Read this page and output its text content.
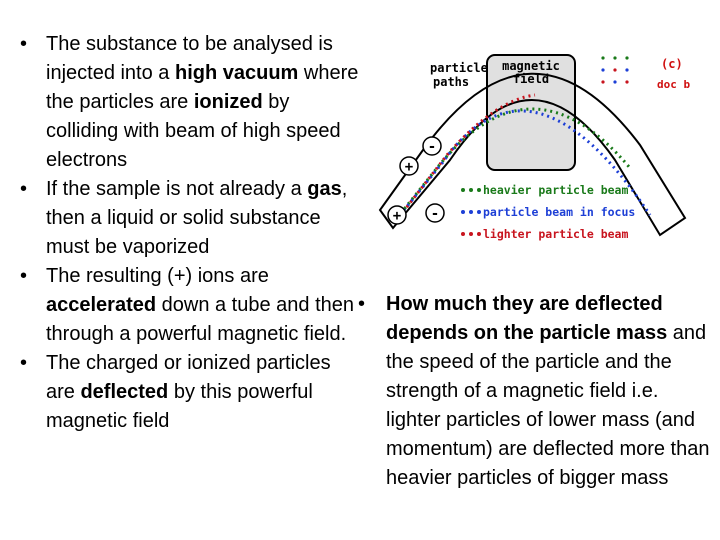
• The substance to be analysed is injected into a high vacuum where the particles are ionized by colliding with beam of high speed electrons
• If the sample is not already a gas, then a liquid or solid substance must be vaporized
• The resulting (+) ions are accelerated down a tube and then through a powerful magnetic field.
• The charged or ionized particles are deflected by this powerful magnetic field
• How much they are deflected depends on the particle mass and the speed of the particle and the strength of a magnetic field i.e. lighter particles of lower mass (and momentum) are deflected more than heavier particles of bigger mass
magnetic
field
particle
paths
(c)
doc b
+
-
+ -
heavier particle beam
particle beam in focus
lighter particle beam
